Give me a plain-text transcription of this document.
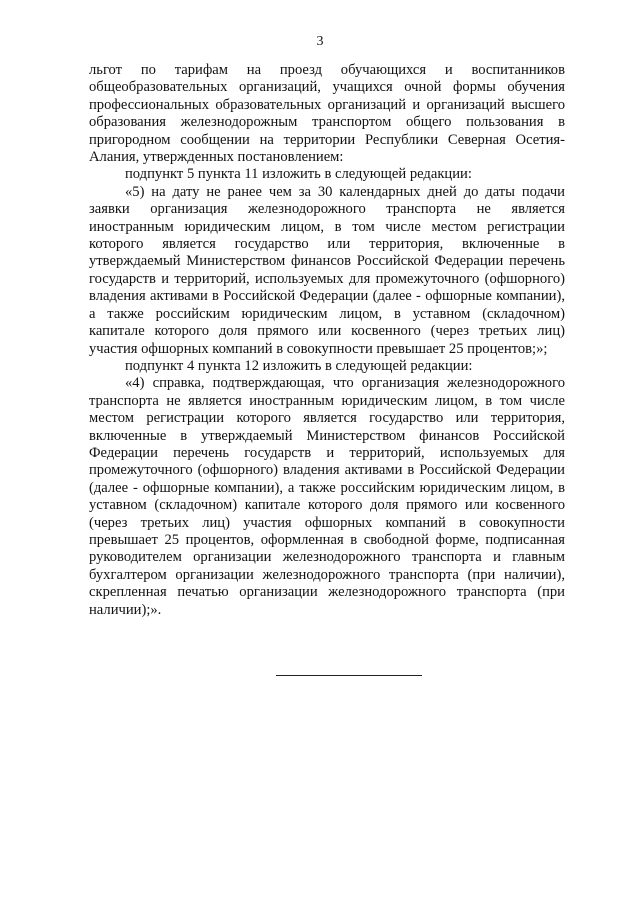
3

льгот по тарифам на проезд обучающихся и воспитанников общеобразовательных организаций, учащихся очной формы обучения профессиональных образовательных организаций и организаций высшего образования железнодорожным транспортом общего пользования в пригородном сообщении на территории Республики Северная Осетия-Алания, утвержденных постановлением:

подпункт 5 пункта 11 изложить в следующей редакции:

«5) на дату не ранее чем за 30 календарных дней до даты подачи заявки организация железнодорожного транспорта не является иностранным юридическим лицом, в том числе местом регистрации которого является государство или территория, включенные в утверждаемый Министерством финансов Российской Федерации перечень государств и территорий, используемых для промежуточного (офшорного) владения активами в Российской Федерации (далее - офшорные компании), а также российским юридическим лицом, в уставном (складочном) капитале которого доля прямого или косвенного (через третьих лиц) участия офшорных компаний в совокупности превышает 25 процентов;»;

подпункт 4 пункта 12 изложить в следующей редакции:

«4) справка, подтверждающая, что организация железнодорожного транспорта не является иностранным юридическим лицом, в том числе местом регистрации которого является государство или территория, включенные в утверждаемый Министерством финансов Российской Федерации перечень государств и территорий, используемых для промежуточного (офшорного) владения активами в Российской Федерации (далее - офшорные компании), а также российским юридическим лицом, в уставном (складочном) капитале которого доля прямого или косвенного (через третьих лиц) участия офшорных компаний в совокупности превышает 25 процентов, оформленная в свободной форме, подписанная руководителем организации железнодорожного транспорта и главным бухгалтером организации железнодорожного транспорта (при наличии), скрепленная печатью организации железнодорожного транспорта (при наличии);».
